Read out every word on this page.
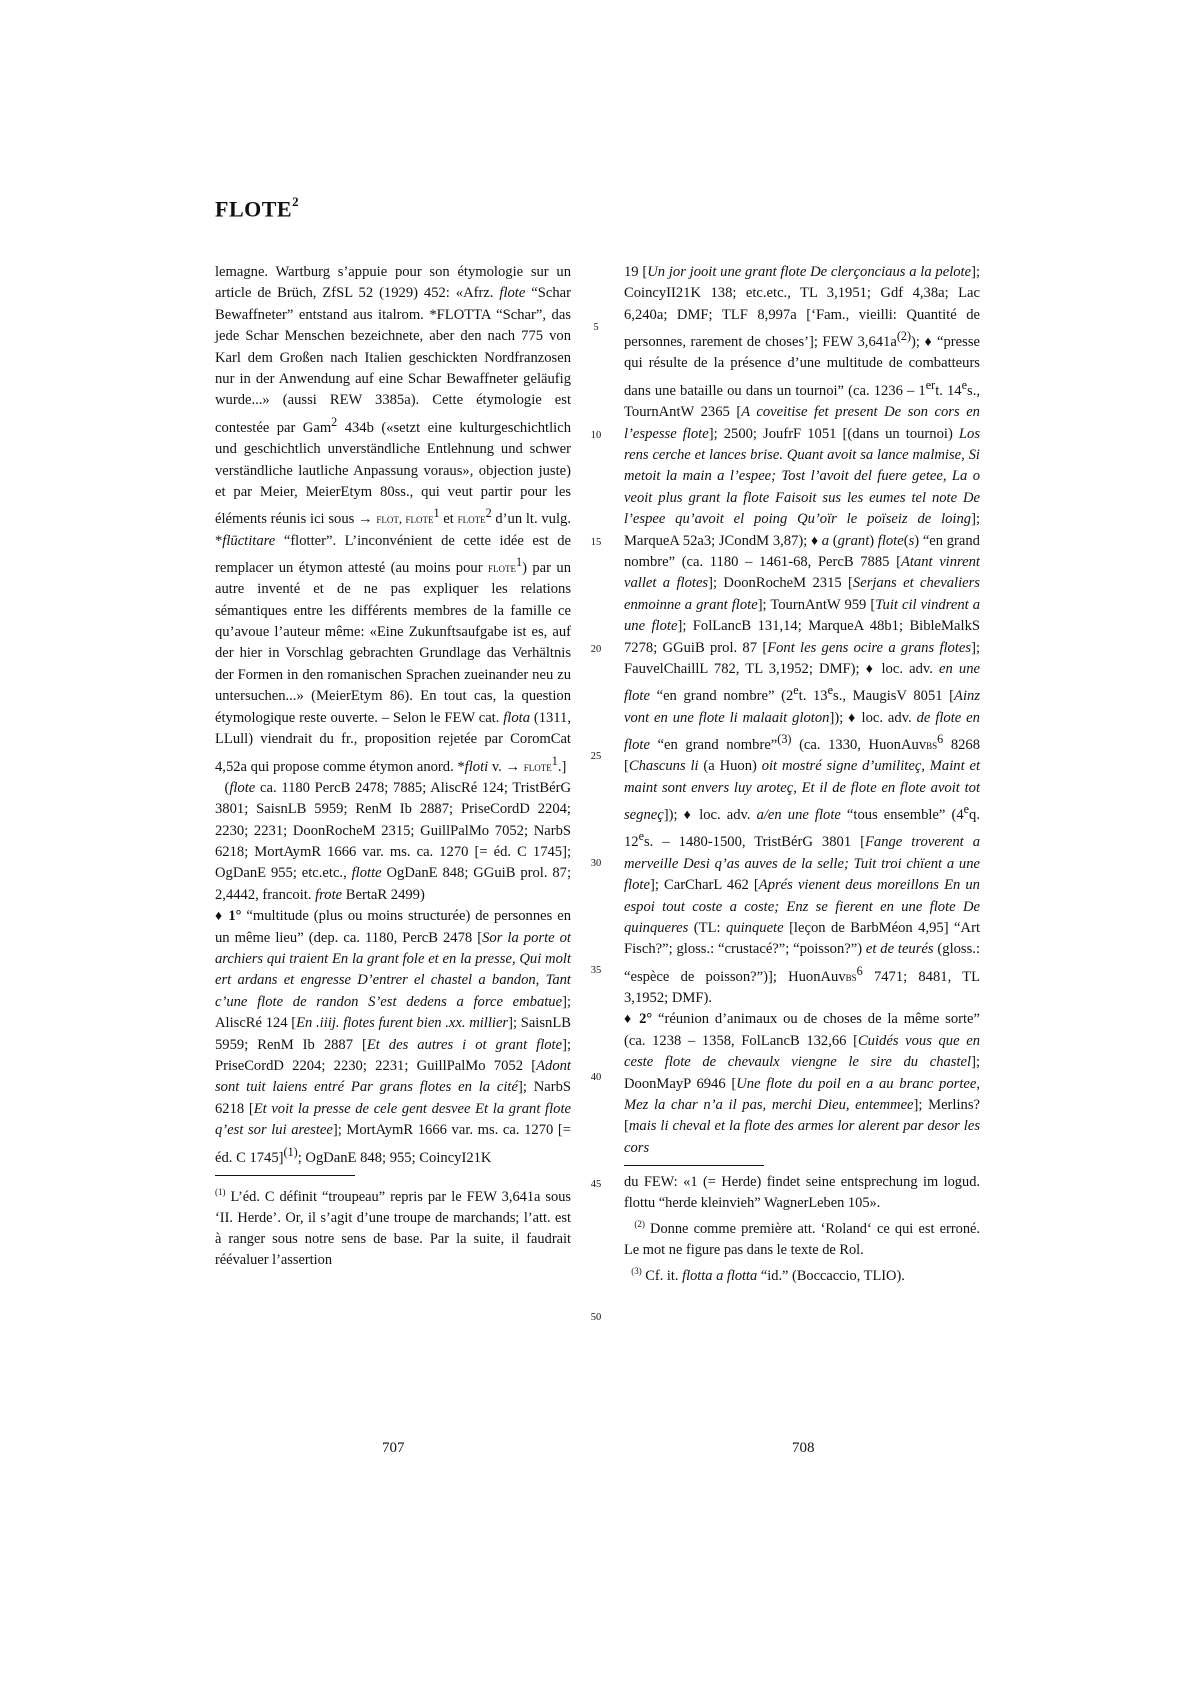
FLOTE$^2$

lemagne. Wartburg s’appuie pour son étymologie sur un article de Brüch, ZfSL 52 (1929) 452: «Afrz. flote “Schar Bewaffneter” entstand aus italrom. *FLOTTA “Schar”, das jede Schar Menschen bezeichnete, aber den nach 775 von Karl dem Großen nach Italien geschickten Nordfranzosen nur in der Anwendung auf eine Schar Bewaffneter geläufig wurde...» (aussi REW 3385a). Cette étymologie est contestée par Gam$^2$ 434b («setzt eine kulturgeschichtlich und geschichtlich unverständliche Entlehnung und schwer verständliche lautliche Anpassung voraus», objection juste) et par Meier, MeierEtym 80ss., qui veut partir pour les éléments réunis ici sous → flot, flote$^1$ et flote$^2$ d’un lt. vulg. *flūctitare “flotter”. L’inconvénient de cette idée est de remplacer un étymon attesté (au moins pour flote$^1$) par un autre inventé et de ne pas expliquer les relations sémantiques entre les différents membres de la famille ce qu’avoue l’auteur même: «Eine Zukunftsaufgabe ist es, auf der hier in Vorschlag gebrachten Grundlage das Verhältnis der Formen in den romanischen Sprachen zueinander neu zu untersuchen...» (MeierEtym 86). En tout cas, la question étymologique reste ouverte. – Selon le FEW cat. flota (1311, LLull) viendrait du fr., proposition rejetée par CoromCat 4,52a qui propose comme étymon anord. *floti v. → flote$^1$.]

(flote ca. 1180 PercB 2478; 7885; AliscRé 124; TristBérG 3801; SaisnLB 5959; RenM Ib 2887; PriseCordD 2204; 2230; 2231; DoonRocheM 2315; GuillPalMo 7052; NarbS 6218; MortAymR 1666 var. ms. ca. 1270 [= éd. C 1745]; OgDanE 955; etc.etc., flotte OgDanE 848; GGuiB prol. 87; 2,4442, francoit. frote BertaR 2499)

♦ 1° “multitude (plus ou moins structurée) de personnes en un même lieu” (dep. ca. 1180, PercB 2478 [Sor la porte ot archiers qui traient En la grant fole et en la presse, Qui molt ert ardans et engresse D’entrer el chastel a bandon, Tant c’une flote de randon S’est dedens a force embatue]; AliscRé 124 [En .iiij. flotes furent bien .xx. millier]; SaisnLB 5959; RenM Ib 2887 [Et des autres i ot grant flote]; PriseCordD 2204; 2230; 2231; GuillPalMo 7052 [Adont sont tuit laiens entré Par grans flotes en la cité]; NarbS 6218 [Et voit la presse de cele gent desvee Et la grant flote q’est sor lui arestee]; MortAymR 1666 var. ms. ca. 1270 [= éd. C 1745]$^{(1)}$; OgDanE 848; 955; CoincyI21K

$^{(1)}$ L’éd. C définit “troupeau” repris par le FEW 3,641a sous ‘II. Herde’. Or, il s’agit d’une troupe de marchands; l’att. est à ranger sous notre sens de base. Par la suite, il faudrait réévaluer l’assertion

5
10
15
20
25
30
35
40
45
50

19 [Un jor jooit une grant flote De clerçonciaus a la pelote]; CoincyII21K 138; etc.etc., TL 3,1951; Gdf 4,38a; Lac 6,240a; DMF; TLF 8,997a [‘Fam., vieilli: Quantité de personnes, rarement de choses’]; FEW $3,641a^{(2)}$); ♦ “presse qui résulte de la présence d’une multitude de combatteurs dans une bataille ou dans un tournoi” (ca. 1236 – 1ert. 14es., TournAntW 2365 [A coveitise fet present De son cors en l’espesse flote]; 2500; JoufrF 1051 [(dans un tournoi) Los rens cerche et lances brise. Quant avoit sa lance malmise, Si metoit la main a l’espee; Tost l’avoit del fuere getee, La o veoit plus grant la flote Faisoit sus les eumes tel note De l’espee qu’avoit el poing Qu’oïr le poïseiz de loing]; MarqueA 52a3; JCondM 3,87); ♦ a (grant) flote(s) “en grand nombre” (ca. 1180 – 1461-68, PercB 7885 [Atant vinrent vallet a flotes]; DoonRocheM 2315 [Serjans et chevaliers enmoinne a grant flote]; TournAntW 959 [Tuit cil vindrent a une flote]; FolLancB 131,14; MarqueA 48b1; BibleMalkS 7278; GGuiB prol. 87 [Font les gens ocire a grans flotes]; FauvelChaillL 782, TL 3,1952; DMF); ♦ loc. adv. en une flote “en grand nombre” (2et. 13es., MaugisV 8051 [Ainz vont en une flote li malaait gloton]); ♦ loc. adv. de flote en flote “en grand nombre”$^{(3)}$ (ca. 1330, HuonAuvbs$^6$ 8268 [Chascuns li (a Huon) oit mostré signe d’umiliteç, Maint et maint sont envers luy aroteç, Et il de flote en flote avoit tot segneç]); ♦ loc. adv. a/en une flote “tous ensemble” (4eq. 12es. – 1480-1500, TristBérG 3801 [Fange troverent a merveille Desi q’as auves de la selle; Tuit troi chïent a une flote]; CarCharL 462 [Aprés vienent deus moreillons En un espoi tout coste a coste; Enz se fierent en une flote De quinqueres (TL: quinquete [leçon de BarbMéon 4,95] “Art Fisch?”; gloss.: “crustacé?”; “poisson?”) et de teurés (gloss.: “espèce de poisson?”)]; HuonAuvbs$^6$ 7471; 8481, TL 3,1952; DMF).

♦ 2° “réunion d’animaux ou de choses de la même sorte” (ca. 1238 – 1358, FolLancB 132,66 [Cuidés vous que en ceste flote de chevaulx viengne le sire du chastel]; DoonMayP 6946 [Une flote du poil en a au branc portee, Mez la char n’a il pas, merchi Dieu, entemmee]; Merlins? [mais li cheval et la flote des armes lor alerent par desor les cors

du FEW: «1 (= Herde) findet seine entsprechung im logud. flottu “herde kleinvieh” WagnerLeben 105».

$^{(2)}$ Donne comme première att. ‘Roland‘ ce qui est erroné. Le mot ne figure pas dans le texte de Rol.

$^{(3)}$ Cf. it. flotta a flotta “id.” (Boccaccio, TLIO).

707	708
